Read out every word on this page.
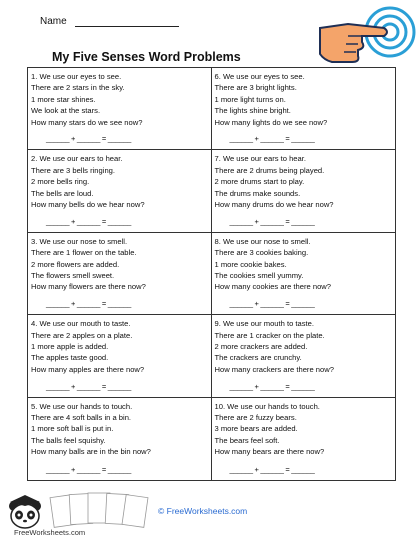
Name
My Five Senses Word Problems
1. We use our eyes to see.
There are 2 stars in the sky.
1 more star shines.
We look at the stars.
How many stars do we see now?
______ + ______ = ______
6. We use our eyes to see.
There are 3 bright lights.
1 more light turns on.
The lights shine bright.
How many lights do we see now?
______ + ______ = ______
2. We use our ears to hear.
There are 3 bells ringing.
2 more bells ring.
The bells are loud.
How many bells do we hear now?
______ + ______ = ______
7. We use our ears to hear.
There are 2 drums being played.
2 more drums start to play.
The drums make sounds.
How many drums do we hear now?
______ + ______ = ______
3. We use our nose to smell.
There are 1 flower on the table.
2 more flowers are added.
The flowers smell sweet.
How many flowers are there now?
______ + ______ = ______
8. We use our nose to smell.
There are 3 cookies baking.
1 more cookie bakes.
The cookies smell yummy.
How many cookies are there now?
______ + ______ = ______
4. We use our mouth to taste.
There are 2 apples on a plate.
1 more apple is added.
The apples taste good.
How many apples are there now?
______ + ______ = ______
9. We use our mouth to taste.
There are 1 cracker on the plate.
2 more crackers are added.
The crackers are crunchy.
How many crackers are there now?
______ + ______ = ______
5. We use our hands to touch.
There are 4 soft balls in a bin.
1 more soft ball is put in.
The balls feel squishy.
How many balls are in the bin now?
______ + ______ = ______
10. We use our hands to touch.
There are 2 fuzzy bears.
3 more bears are added.
The bears feel soft.
How many bears are there now?
______ + ______ = ______
FreeWorksheets.com
© FreeWorksheets.com
